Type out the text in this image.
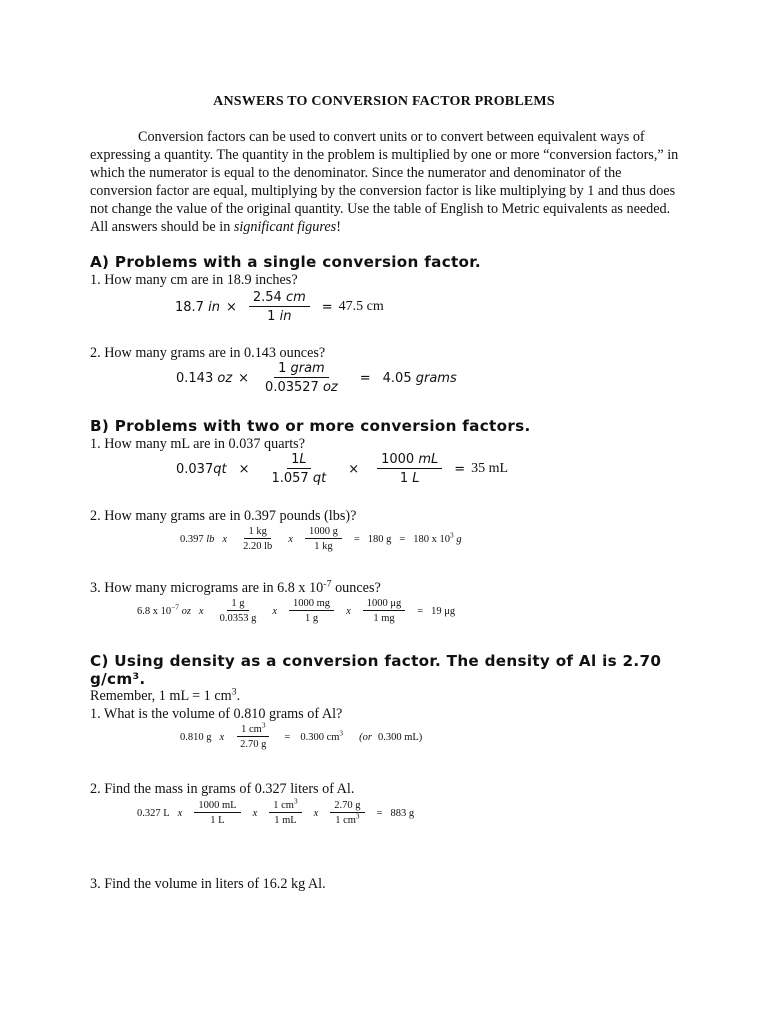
ANSWERS TO CONVERSION FACTOR PROBLEMS
Conversion factors can be used to convert units or to convert between equivalent ways of expressing a quantity. The quantity in the problem is multiplied by one or more “conversion factors,” in which the numerator is equal to the denominator. Since the numerator and denominator of the conversion factor are equal, multiplying by the conversion factor is like multiplying by 1 and thus does not change the value of the original quantity. Use the table of English to Metric equivalents as needed. All answers should be in significant figures!
A) Problems with a single conversion factor.
1. How many cm are in 18.9 inches?
18.7 in × $\frac{2.54 cm}{1 in} = 47.5$ cm
2. How many grams are in 0.143 ounces?
0.143 oz × $\frac{\text{1 gram}}{0.03527 oz} = 4.05$ grams
B) Problems with two or more conversion factors.
1. How many mL are in 0.037 quarts?
$0.037qt \times \frac{1L}{1.057 qt} \times \frac{1000 mL}{1 L} = 35$ mL
2. How many grams are in 0.397 pounds (lbs)?
0.397 lb x $\frac{1 kg}{2.20 lb}$ x $\frac{1000 g}{1 kg} = 180$ g = 180 x $10^3$ g
3. How many micrograms are in 6.8 x $10^{-7}$ ounces?
6.8 x $10^{-7}$ oz x $\frac{1 g}{0.0353 g}$ x $\frac{1000 mg}{1 g}$ x $\frac{1000 \mu g}{1 mg} = 19$ μg
C) Using density as a conversion factor. The density of Al is 2.70
g/cm³.
Remember, 1 mL = 1 $cm^3$.
1. What is the volume of 0.810 grams of Al?
0.810 g x $\frac{1 cm^3}{2.70 g} = 0.300$ $cm^3$ (or 0.300 mL)
2. Find the mass in grams of 0.327 liters of Al.
0.327 L x $\frac{1000 mL}{1 L}$ x $\frac{1 cm^3}{1 mL}$ x $\frac{2.70 g}{1 cm^3} = 883$ g
3. Find the volume in liters of 16.2 kg Al.
